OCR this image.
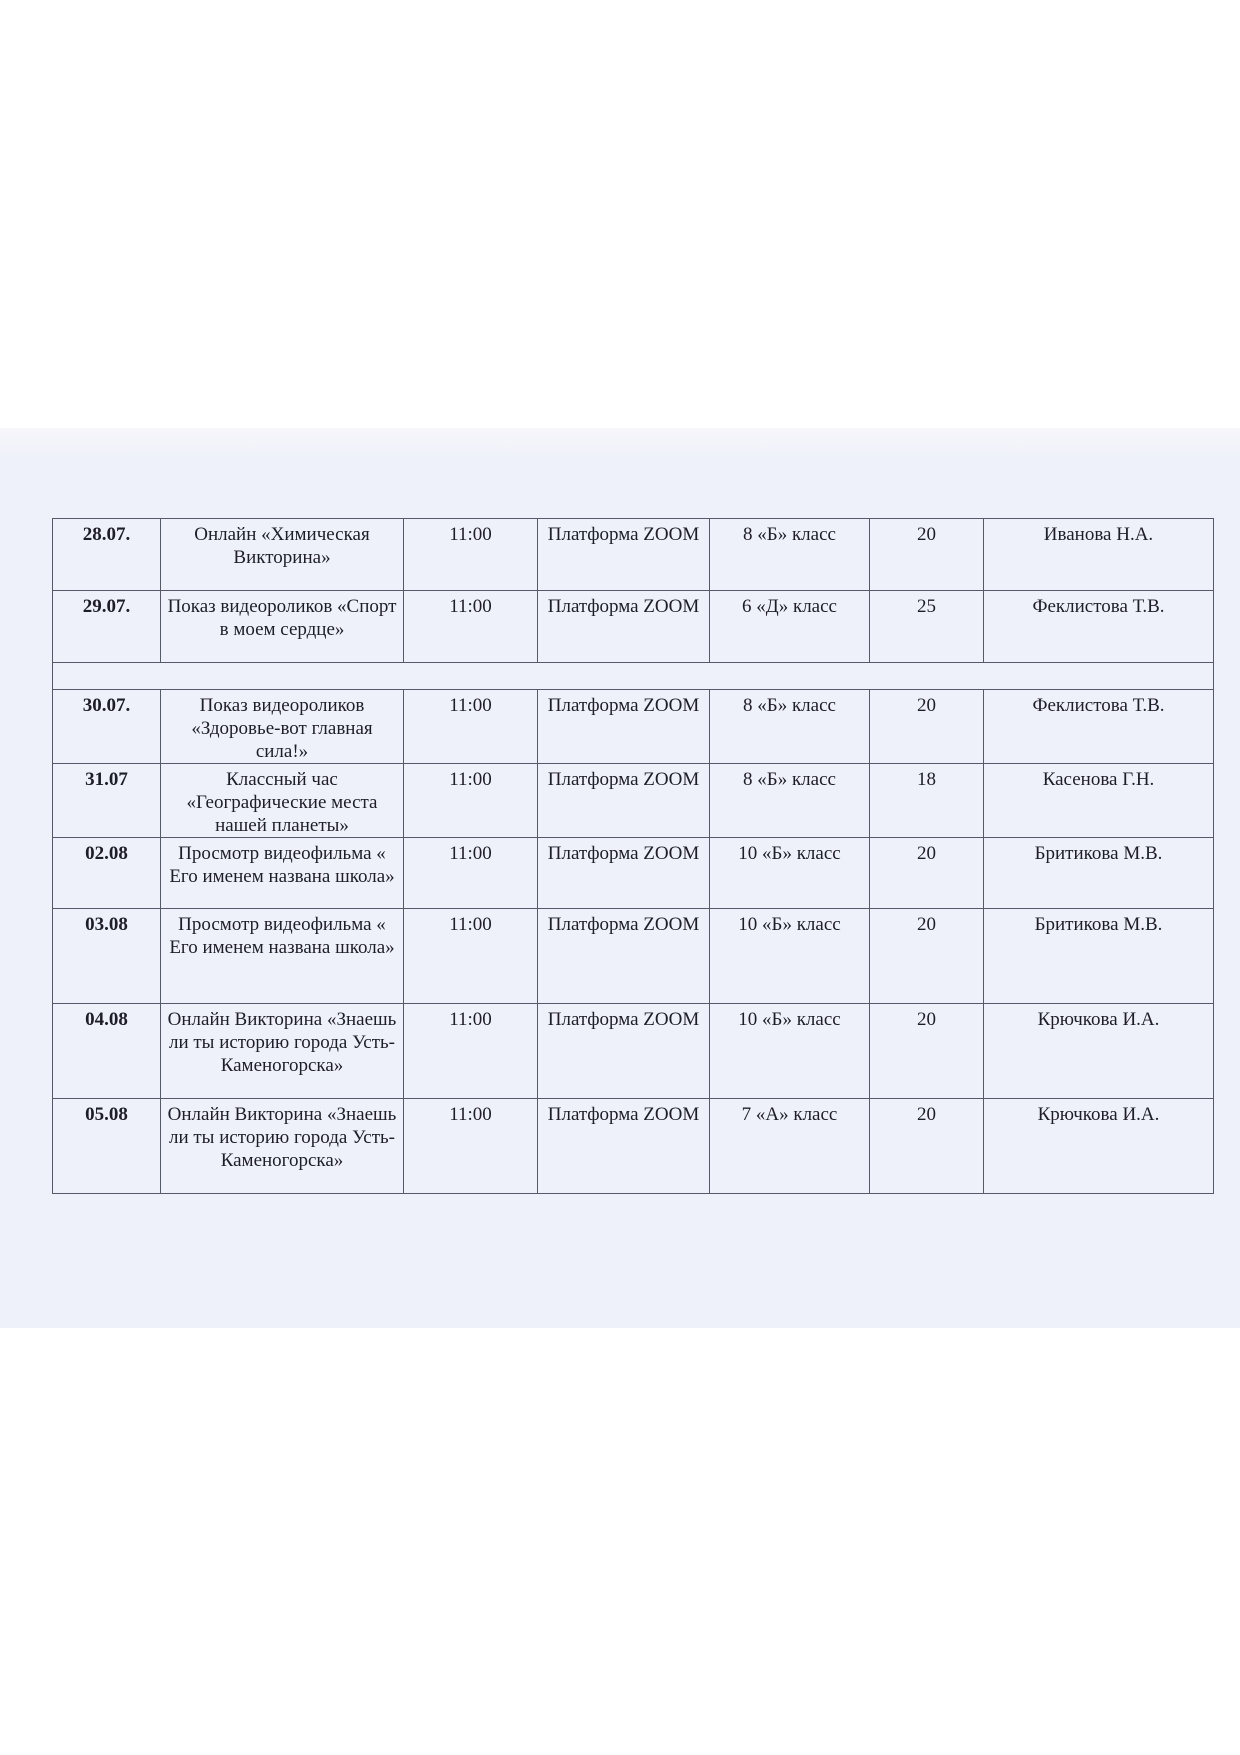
28.07.	Онлайн «Химическая Викторина»	11:00	Платформа ZOOM	8 «Б» класс	20	Иванова Н.А.
29.07.	Показ видеороликов «Спорт в моем сердце»	11:00	Платформа ZOOM	6 «Д» класс	25	Феклистова Т.В.

30.07.	Показ видеороликов «Здоровье-вот главная сила!»	11:00	Платформа ZOOM	8 «Б» класс	20	Феклистова Т.В.
31.07	Классный час «Географические места нашей планеты»	11:00	Платформа ZOOM	8 «Б» класс	18	Касенова Г.Н.
02.08	Просмотр видеофильма « Его именем названа школа»	11:00	Платформа ZOOM	10 «Б» класс	20	Бритикова М.В.
03.08	Просмотр видеофильма « Его именем названа школа»	11:00	Платформа ZOOM	10 «Б» класс	20	Бритикова М.В.
04.08	Онлайн Викторина «Знаешь ли ты историю города Усть-Каменогорска»	11:00	Платформа ZOOM	10 «Б» класс	20	Крючкова И.А.
05.08	Онлайн Викторина «Знаешь ли ты историю города Усть-Каменогорска»	11:00	Платформа ZOOM	7 «А» класс	20	Крючкова И.А.
